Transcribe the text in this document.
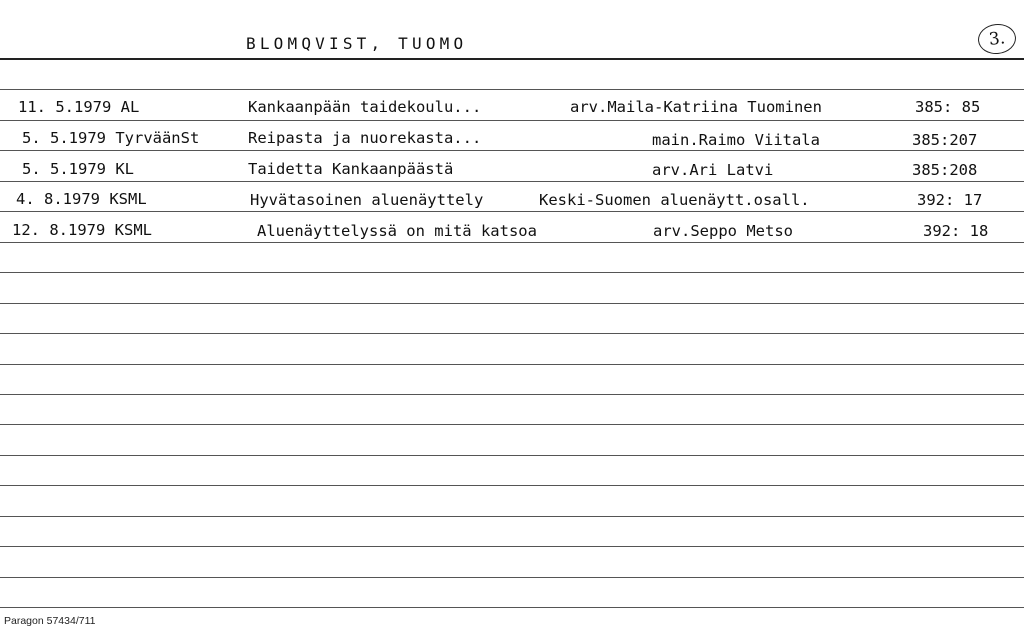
BLOMQVIST, TUOMO	3.
11. 5.1979 AL	Kankaanpään taidekoulu...	arv.Maila-Katriina Tuominen	385: 85
5. 5.1979 TyrväänSt	Reipasta ja nuorekasta...	main.Raimo Viitala	385:207
5. 5.1979 KL	Taidetta Kankaanpäästä	arv.Ari Latvi	385:208
4. 8.1979 KSML	Hyvätasoinen aluenäyttely	Keski-Suomen aluenäytt.osall.	392: 17
12. 8.1979 KSML	Aluenäyttelyssä on mitä katsoa	arv.Seppo Metso	392: 18
Paragon 57434/711
